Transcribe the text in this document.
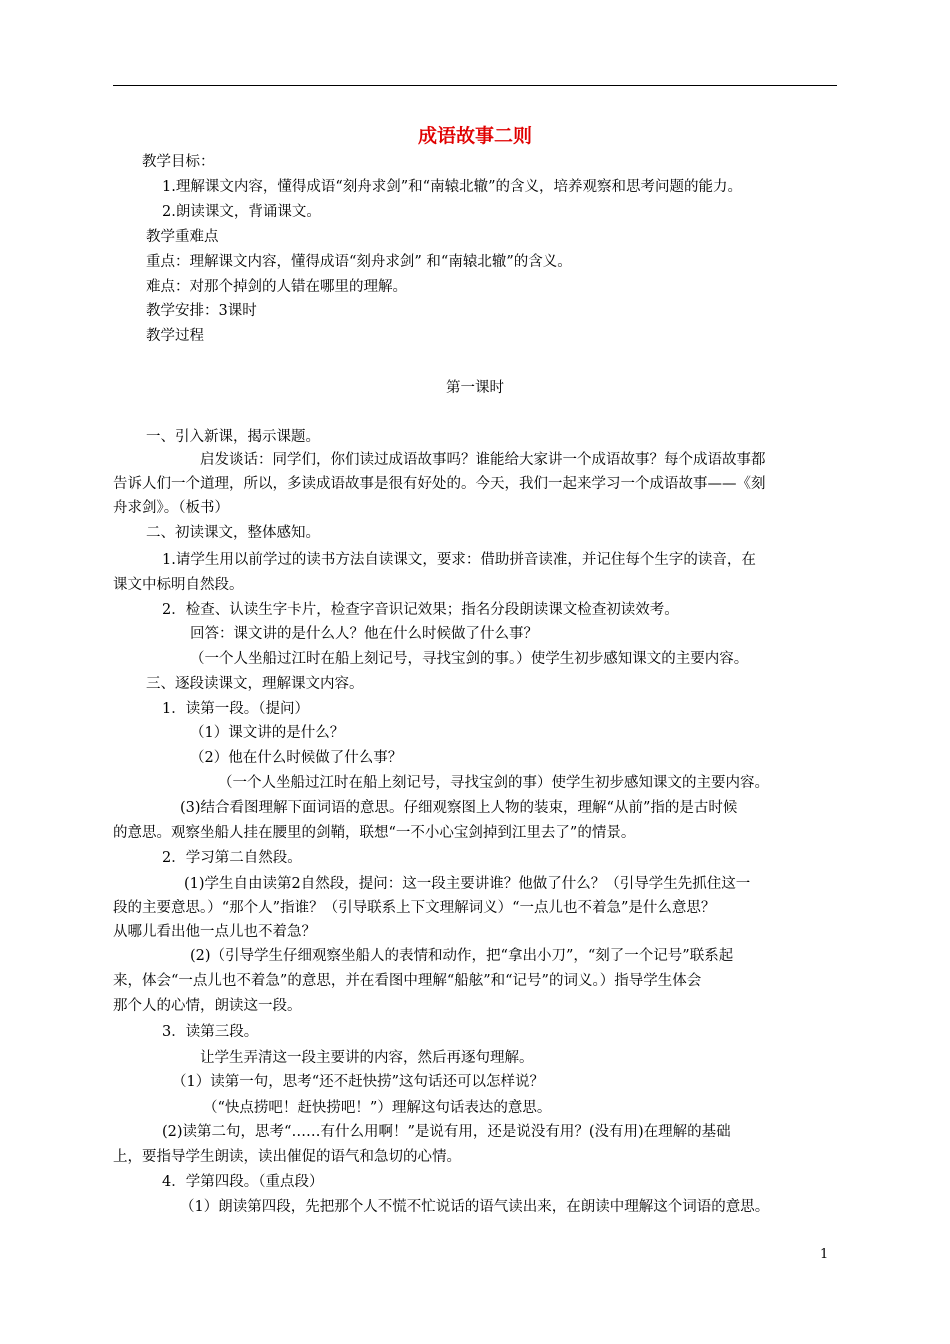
成语故事二则
教学目标：
1.理解课文内容，懂得成语“刻舟求剑”和“南辕北辙”的含义，培养观察和思考问题的能力。
2.朗读课文，背诵课文。
教学重难点
重点：理解课文内容，懂得成语“刻舟求剑” 和“南辕北辙”的含义。
难点：对那个掉剑的人错在哪里的理解。
教学安排：3课时
教学过程
第一课时
一、引入新课，揭示课题。
启发谈话：同学们，你们读过成语故事吗？谁能给大家讲一个成语故事？每个成语故事都
告诉人们一个道理，所以，多读成语故事是很有好处的。今天，我们一起来学习一个成语故事——《刻
舟求剑》。（板书）
二、初读课文，整体感知。
1.请学生用以前学过的读书方法自读课文，要求：借助拼音读准，并记住每个生字的读音，在
课文中标明自然段。
2．检查、认读生字卡片，检查字音识记效果；指名分段朗读课文检查初读效考。
回答：课文讲的是什么人？他在什么时候做了什么事？
（一个人坐船过江时在船上刻记号，寻找宝剑的事。）使学生初步感知课文的主要内容。
三、逐段读课文，理解课文内容。
1．读第一段。（提问）
（1）课文讲的是什么？
（2）他在什么时候做了什么事？
（一个人坐船过江时在船上刻记号，寻找宝剑的事）使学生初步感知课文的主要内容。
(3)结合看图理解下面词语的意思。仔细观察图上人物的装束，理解“从前”指的是古时候
的意思。观察坐船人挂在腰里的剑鞘，联想“一不小心宝剑掉到江里去了”的情景。
2．学习第二自然段。
(1)学生自由读第2自然段，提问：这一段主要讲谁？他做了什么？（引导学生先抓住这一
段的主要意思。）“那个人”指谁？（引导联系上下文理解词义）“一点儿也不着急”是什么意思？
从哪儿看出他一点儿也不着急？
(2)（引导学生仔细观察坐船人的表情和动作，把“拿出小刀”，“刻了一个记号”联系起
来，体会“一点儿也不着急”的意思，并在看图中理解“船舷”和“记号”的词义。）指导学生体会
那个人的心情，朗读这一段。
3．读第三段。
让学生弄清这一段主要讲的内容，然后再逐句理解。
（1）读第一句，思考“还不赶快捞”这句话还可以怎样说？
（“快点捞吧！赶快捞吧！”）理解这句话表达的意思。
(2)读第二句，思考“……有什么用啊！”是说有用，还是说没有用？(没有用)在理解的基础
上，要指导学生朗读，读出催促的语气和急切的心情。
4．学第四段。（重点段）
（1）朗读第四段，先把那个人不慌不忙说话的语气读出来，在朗读中理解这个词语的意思。
1
